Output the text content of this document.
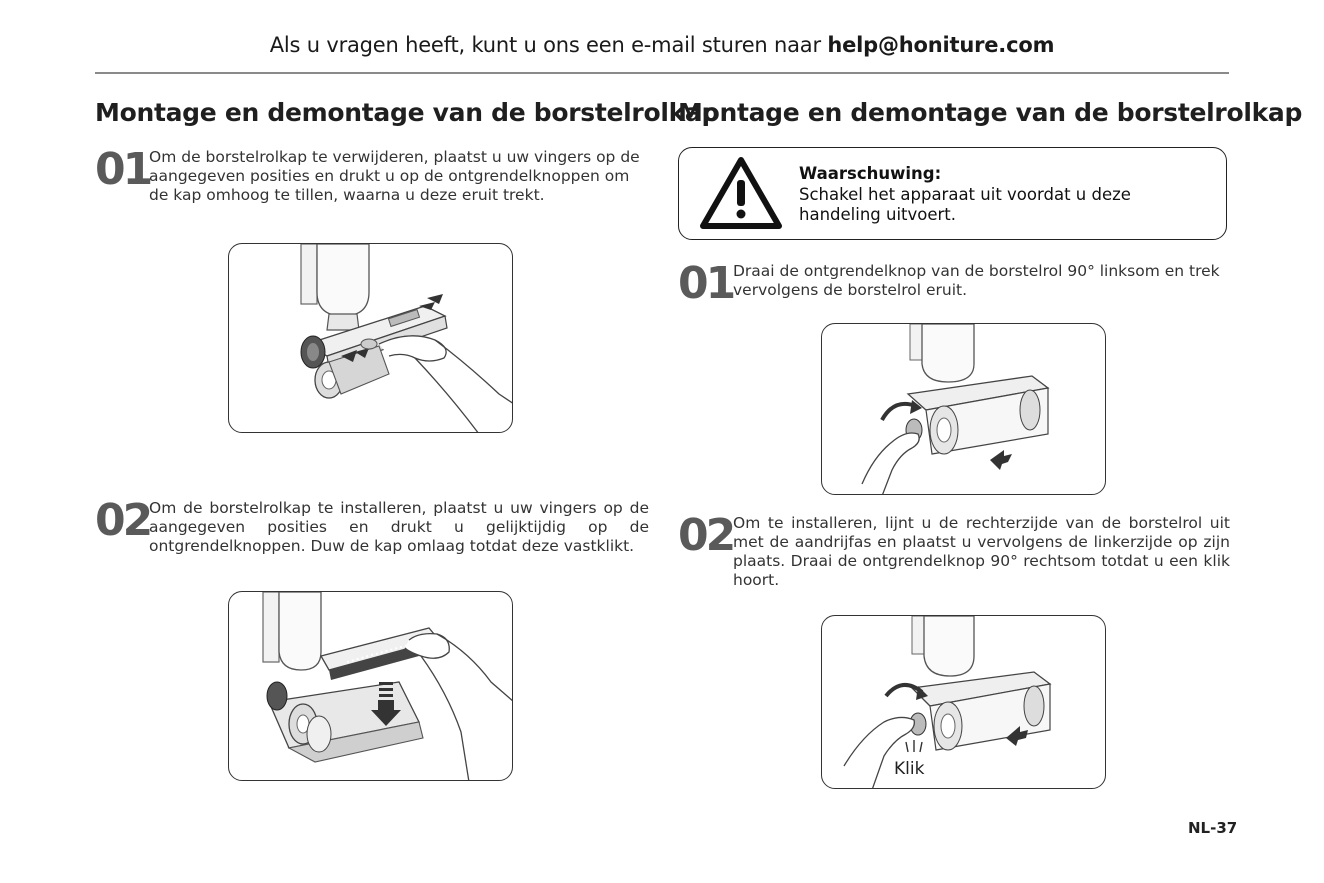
Als u vragen heeft, kunt u ons een e-mail sturen naar help@honiture.com
Montage en demontage van de borstelrolkap
Montage en demontage van de borstelrolkap
01
Om de borstelrolkap te verwijderen, plaatst u uw vingers op de aangegeven posities en drukt u op de ontgrendelknoppen om de kap omhoog te tillen, waarna u deze eruit trekt.
02
Om de borstelrolkap te installeren, plaatst u uw vingers op de aangegeven posities en drukt u gelijktijdig op de ontgrendelknoppen. Duw de kap omlaag totdat deze vastklikt.
Waarschuwing:
Schakel het apparaat uit voordat u deze handeling uitvoert.
01 Draai de ontgrendelknop van de borstelrol 90° linksom en trek vervolgens de borstelrol eruit.
02 Om te installeren, lijnt u de rechterzijde van de borstelrol uit met de aandrijfas en plaatst u vervolgens de linkerzijde op zijn plaats. Draai de ontgrendelknop 90° rechtsom totdat u een klik hoort.
Klik
NL-37
